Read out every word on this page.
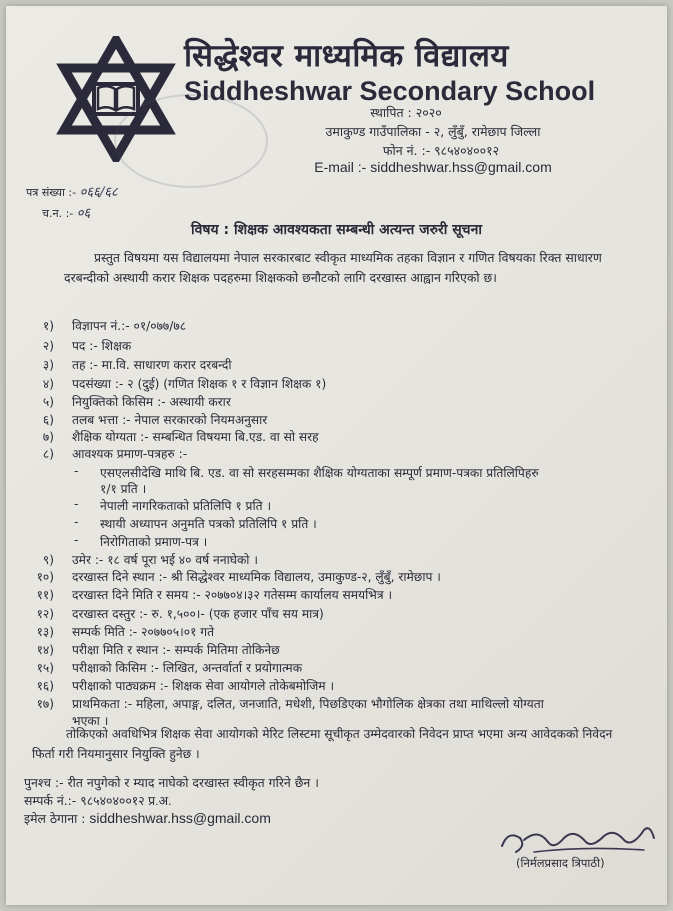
सिद्धेश्वर माध्यमिक विद्यालय
Siddheshwar Secondary School
स्थापित : २०२०
उमाकुण्ड गाउँपालिका - २, लुँबुँ, रामेछाप जिल्ला
फोन नं. :- ९८५४०४००१२
E-mail :- siddheshwar.hss@gmail.com
पत्र संख्या :- ०६६/६८
च.न. :- ०६
विषय : शिक्षक आवश्यकता सम्बन्धी अत्यन्त जरुरी सूचना
प्रस्तुत विषयमा यस विद्यालयमा नेपाल सरकारबाट स्वीकृत माध्यमिक तहका विज्ञान र गणित विषयका रिक्त साधारण दरबन्दीको अस्थायी करार शिक्षक पदहरुमा शिक्षकको छनौटको लागि दरखास्त आह्वान गरिएको छ।
१) विज्ञापन नं.:- ०१/०७७/७८
२) पद :- शिक्षक
३) तह :- मा.वि. साधारण करार दरबन्दी
४) पदसंख्या :- २ (दुई) (गणित शिक्षक १ र विज्ञान शिक्षक १)
५) नियुक्तिको किसिम :- अस्थायी करार
६) तलब भत्ता :- नेपाल सरकारको नियमअनुसार
७) शैक्षिक योग्यता :- सम्बन्धित विषयमा बि.एड. वा सो सरह
८) आवश्यक प्रमाण-पत्रहरु :-
- एसएलसीदेखि माथि बि. एड. वा सो सरहसम्मका शैक्षिक योग्यताका सम्पूर्ण प्रमाण-पत्रका प्रतिलिपिहरु
१/१ प्रति ।
- नेपाली नागरिकताको प्रतिलिपि १ प्रति ।
- स्थायी अध्यापन अनुमति पत्रको प्रतिलिपि १ प्रति ।
- निरोगिताको प्रमाण-पत्र ।
९) उमेर :- १८ वर्ष पूरा भई ४० वर्ष ननाघेको ।
१०) दरखास्त दिने स्थान :- श्री सिद्धेश्वर माध्यमिक विद्यालय, उमाकुण्ड-२, लुँबुँ, रामेछाप ।
११) दरखास्त दिने मिति र समय :- २०७७०४।३२ गतेसम्म कार्यालय समयभित्र ।
१२) दरखास्त दस्तुर :- रु. १,५००।- (एक हजार पाँच सय मात्र)
१३) सम्पर्क मिति :- २०७७०५।०१ गते
१४) परीक्षा मिति र स्थान :- सम्पर्क मितिमा तोकिनेछ
१५) परीक्षाको किसिम :- लिखित, अन्तर्वार्ता र प्रयोगात्मक
१६) परीक्षाको पाठ्यक्रम :- शिक्षक सेवा आयोगले तोकेबमोजिम ।
१७) प्राथमिकता :- महिला, अपाङ्ग, दलित, जनजाति, मधेशी, पिछडिएका भौगोलिक क्षेत्रका तथा माथिल्लो योग्यता
भएका ।
तोकिएको अवधिभित्र शिक्षक सेवा आयोगको मेरिट लिस्टमा सूचीकृत उम्मेदवारको निवेदन प्राप्त भएमा अन्य आवेदकको निवेदन फिर्ता गरी नियमानुसार नियुक्ति हुनेछ ।
पुनश्च :- रीत नपुगेको र म्याद नाघेको दरखास्त स्वीकृत गरिने छैन ।
सम्पर्क नं.:- ९८५४०४००१२ प्र.अ.
इमेल ठेगाना : siddheshwar.hss@gmail.com
(निर्मलप्रसाद त्रिपाठी)
